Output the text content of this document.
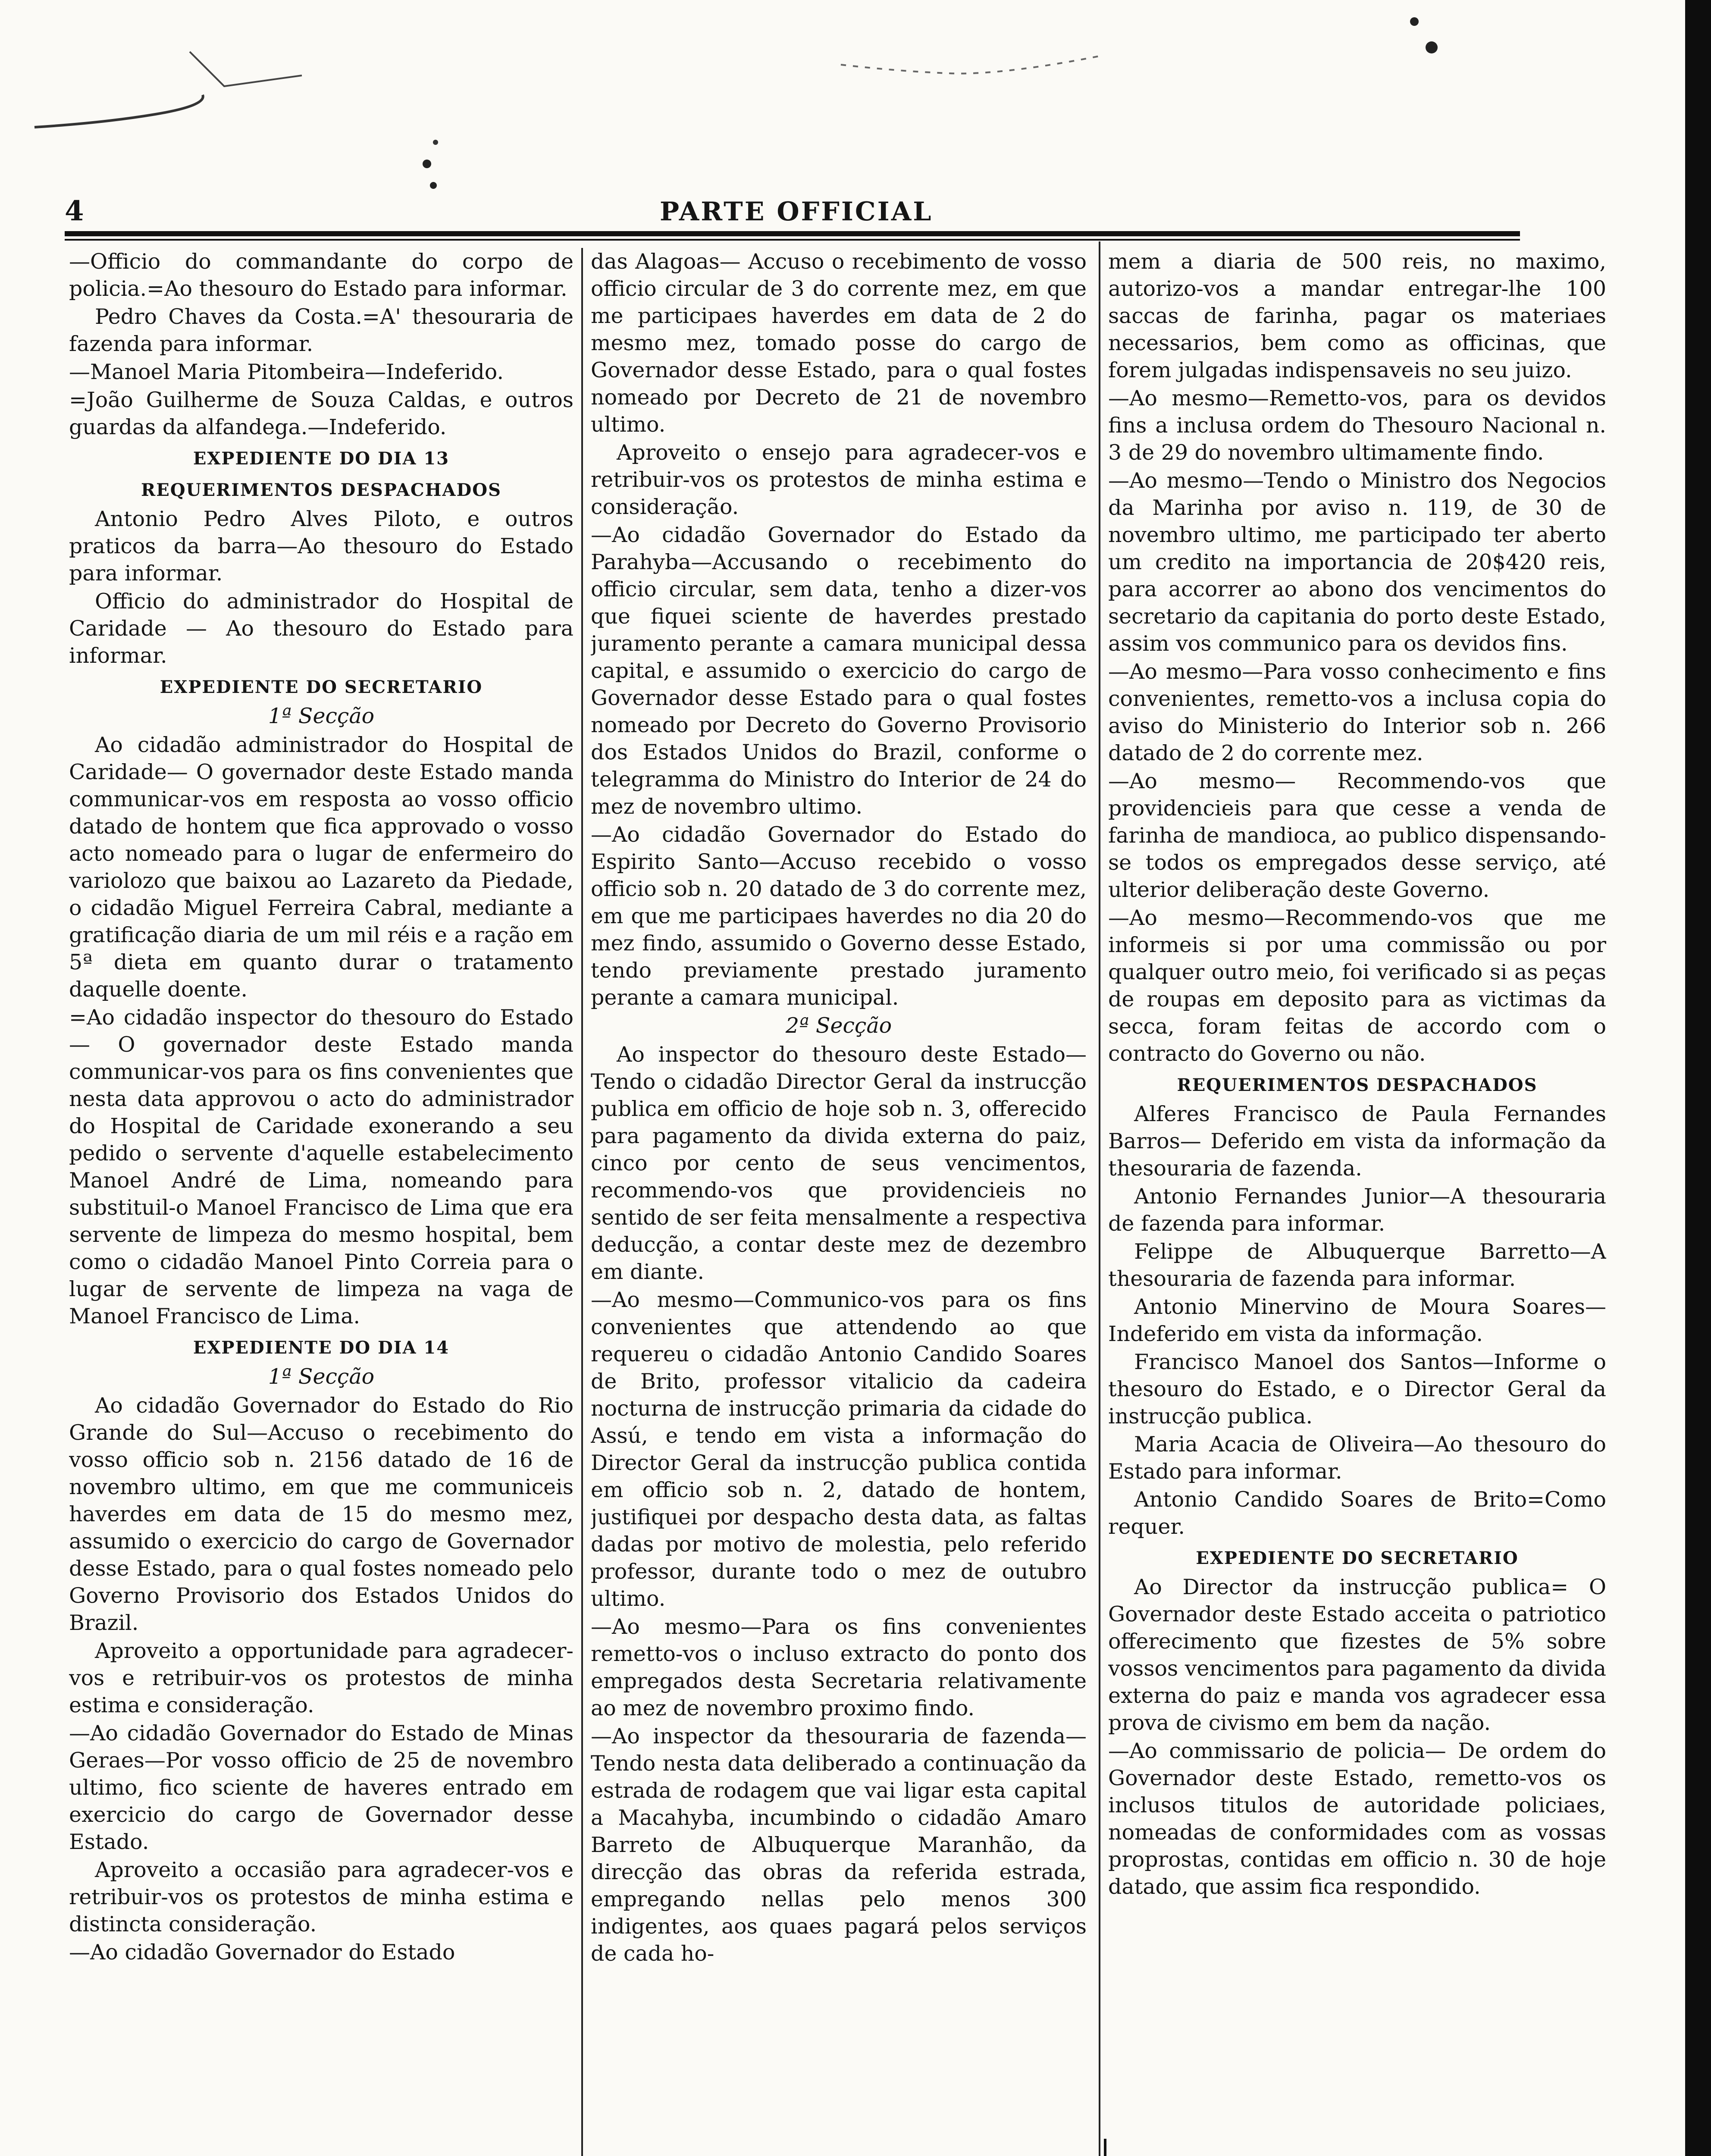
4	PARTE OFFICIAL

—Officio do commandante do corpo de policia.=Ao thesouro do Estado para informar.

Pedro Chaves da Costa.=A' thesouraria de fazenda para informar.

—Manoel Maria Pitombeira—Indeferido.

=João Guilherme de Souza Caldas, e outros guardas da alfandega.—Indeferido.

EXPEDIENTE DO DIA 13

REQUERIMENTOS DESPACHADOS

Antonio Pedro Alves Piloto, e outros praticos da barra—Ao thesouro do Estado para informar.

Officio do administrador do Hospital de Caridade — Ao thesouro do Estado para informar.

EXPEDIENTE DO SECRETARIO

1ª Secção

Ao cidadão administrador do Hospital de Caridade— O governador deste Estado manda communicar-vos em resposta ao vosso officio datado de hontem que fica approvado o vosso acto nomeado para o lugar de enfermeiro do variolozo que baixou ao Lazareto da Piedade, o cidadão Miguel Ferreira Cabral, mediante a gratificação diaria de um mil réis e a ração em 5ª dieta em quanto durar o tratamento daquelle doente.

=Ao cidadão inspector do thesouro do Estado— O governador deste Estado manda communicar-vos para os fins convenientes que nesta data approvou o acto do administrador do Hospital de Caridade exonerando a seu pedido o servente d'aquelle estabelecimento Manoel André de Lima, nomeando para substituil-o Manoel Francisco de Lima que era servente de limpeza do mesmo hospital, bem como o cidadão Manoel Pinto Correia para o lugar de servente de limpeza na vaga de Manoel Francisco de Lima.

EXPEDIENTE DO DIA 14

1ª Secção

Ao cidadão Governador do Estado do Rio Grande do Sul—Accuso o recebimento do vosso officio sob n. 2156 datado de 16 de novembro ultimo, em que me communiceis haverdes em data de 15 do mesmo mez, assumido o exercicio do cargo de Governador desse Estado, para o qual fostes nomeado pelo Governo Provisorio dos Estados Unidos do Brazil.

Aproveito a opportunidade para agradecer-vos e retribuir-vos os protestos de minha estima e consideração.

—Ao cidadão Governador do Estado de Minas Geraes—Por vosso officio de 25 de novembro ultimo, fico sciente de haveres entrado em exercicio do cargo de Governador desse Estado.

Aproveito a occasião para agradecer-vos e retribuir-vos os protestos de minha estima e distincta consideração.

—Ao cidadão Governador do Estado

das Alagoas— Accuso o recebimento de vosso officio circular de 3 do corrente mez, em que me participaes haverdes em data de 2 do mesmo mez, tomado posse do cargo de Governador desse Estado, para o qual fostes nomeado por Decreto de 21 de novembro ultimo.

Aproveito o ensejo para agradecer-vos e retribuir-vos os protestos de minha estima e consideração.

—Ao cidadão Governador do Estado da Parahyba—Accusando o recebimento do officio circular, sem data, tenho a dizer-vos que fiquei sciente de haverdes prestado juramento perante a camara municipal dessa capital, e assumido o exercicio do cargo de Governador desse Estado para o qual fostes nomeado por Decreto do Governo Provisorio dos Estados Unidos do Brazil, conforme o telegramma do Ministro do Interior de 24 do mez de novembro ultimo.

—Ao cidadão Governador do Estado do Espirito Santo—Accuso recebido o vosso officio sob n. 20 datado de 3 do corrente mez, em que me participaes haverdes no dia 20 do mez findo, assumido o Governo desse Estado, tendo previamente prestado juramento perante a camara municipal.

2ª Secção

Ao inspector do thesouro deste Estado—Tendo o cidadão Director Geral da instrucção publica em officio de hoje sob n. 3, offerecido para pagamento da divida externa do paiz, cinco por cento de seus vencimentos, recommendo-vos que providencieis no sentido de ser feita mensalmente a respectiva deducção, a contar deste mez de dezembro em diante.

—Ao mesmo—Communico-vos para os fins convenientes que attendendo ao que requereu o cidadão Antonio Candido Soares de Brito, professor vitalicio da cadeira nocturna de instrucção primaria da cidade do Assú, e tendo em vista a informação do Director Geral da instrucção publica contida em officio sob n. 2, datado de hontem, justifiquei por despacho desta data, as faltas dadas por motivo de molestia, pelo referido professor, durante todo o mez de outubro ultimo.

—Ao mesmo—Para os fins convenientes remetto-vos o incluso extracto do ponto dos empregados desta Secretaria relativamente ao mez de novembro proximo findo.

—Ao inspector da thesouraria de fazenda—Tendo nesta data deliberado a continuação da estrada de rodagem que vai ligar esta capital a Macahyba, incumbindo o cidadão Amaro Barreto de Albuquerque Maranhão, da direcção das obras da referida estrada, empregando nellas pelo menos 300 indigentes, aos quaes pagará pelos serviços de cada ho-

mem a diaria de 500 reis, no maximo, autorizo-vos a mandar entregar-lhe 100 saccas de farinha, pagar os materiaes necessarios, bem como as officinas, que forem julgadas indispensaveis no seu juizo.

—Ao mesmo—Remetto-vos, para os devidos fins a inclusa ordem do Thesouro Nacional n. 3 de 29 do novembro ultimamente findo.

—Ao mesmo—Tendo o Ministro dos Negocios da Marinha por aviso n. 119, de 30 de novembro ultimo, me participado ter aberto um credito na importancia de 20$420 reis, para accorrer ao abono dos vencimentos do secretario da capitania do porto deste Estado, assim vos communico para os devidos fins.

—Ao mesmo—Para vosso conhecimento e fins convenientes, remetto-vos a inclusa copia do aviso do Ministerio do Interior sob n. 266 datado de 2 do corrente mez.

—Ao mesmo— Recommendo-vos que providencieis para que cesse a venda de farinha de mandioca, ao publico dispensando-se todos os empregados desse serviço, até ulterior deliberação deste Governo.

—Ao mesmo—Recommendo-vos que me informeis si por uma commissão ou por qualquer outro meio, foi verificado si as peças de roupas em deposito para as victimas da secca, foram feitas de accordo com o contracto do Governo ou não.

REQUERIMENTOS DESPACHADOS

Alferes Francisco de Paula Fernandes Barros— Deferido em vista da informação da thesouraria de fazenda.

Antonio Fernandes Junior—A thesouraria de fazenda para informar.

Felippe de Albuquerque Barretto—A thesouraria de fazenda para informar.

Antonio Minervino de Moura Soares—Indeferido em vista da informação.

Francisco Manoel dos Santos—Informe o thesouro do Estado, e o Director Geral da instrucção publica.

Maria Acacia de Oliveira—Ao thesouro do Estado para informar.

Antonio Candido Soares de Brito=Como requer.

EXPEDIENTE DO SECRETARIO

Ao Director da instrucção publica= O Governador deste Estado acceita o patriotico offerecimento que fizestes de 5% sobre vossos vencimentos para pagamento da divida externa do paiz e manda vos agradecer essa prova de civismo em bem da nação.

—Ao commissario de policia— De ordem do Governador deste Estado, remetto-vos os inclusos titulos de autoridade policiaes, nomeadas de conformidades com as vossas proprostas, contidas em officio n. 30 de hoje datado, que assim fica respondido.
